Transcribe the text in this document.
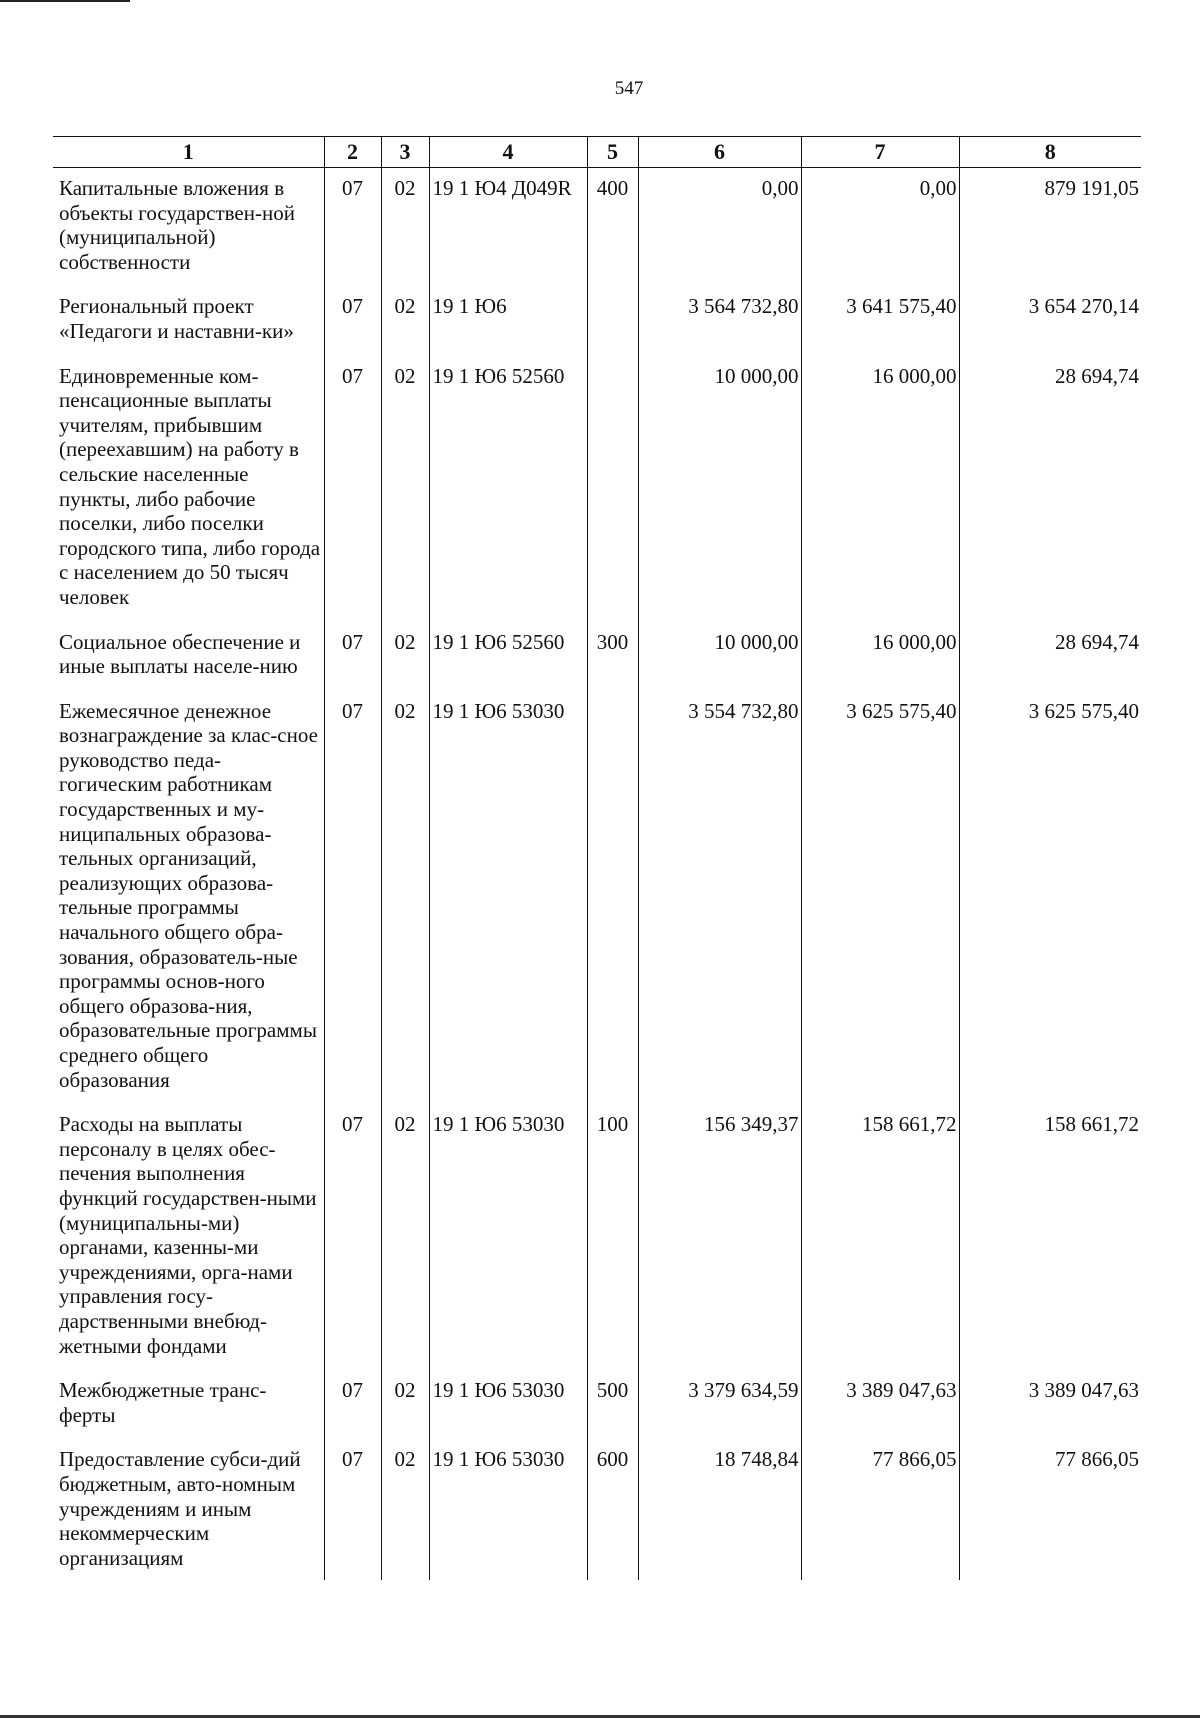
547
1	2	3	4	5	6	7	8
Капитальные вложения в объекты государствен-ной (муниципальной) собственности	07	02	19 1 Ю4 Д049R	400	0,00	0,00	879 191,05
Региональный проект «Педагоги и наставни-ки»	07	02	19 1 Ю6		3 564 732,80	3 641 575,40	3 654 270,14
Единовременные ком-пенсационные выплаты учителям, прибывшим (переехавшим) на работу в сельские населенные пункты, либо рабочие поселки, либо поселки городского типа, либо города с населением до 50 тысяч человек	07	02	19 1 Ю6 52560		10 000,00	16 000,00	28 694,74
Социальное обеспечение и иные выплаты населе-нию	07	02	19 1 Ю6 52560	300	10 000,00	16 000,00	28 694,74
Ежемесячное денежное вознаграждение за клас-сное руководство педа-гогическим работникам государственных и му-ниципальных образова-тельных организаций, реализующих образова-тельные программы начального общего обра-зования, образователь-ные программы основ-ного общего образова-ния, образовательные программы среднего общего образования	07	02	19 1 Ю6 53030		3 554 732,80	3 625 575,40	3 625 575,40
Расходы на выплаты персоналу в целях обес-печения выполнения функций государствен-ными (муниципальны-ми) органами, казенны-ми учреждениями, орга-нами управления госу-дарственными внебюд-жетными фондами	07	02	19 1 Ю6 53030	100	156 349,37	158 661,72	158 661,72
Межбюджетные транс-ферты	07	02	19 1 Ю6 53030	500	3 379 634,59	3 389 047,63	3 389 047,63
Предоставление субси-дий бюджетным, авто-номным учреждениям и иным некоммерческим организациям	07	02	19 1 Ю6 53030	600	18 748,84	77 866,05	77 866,05
